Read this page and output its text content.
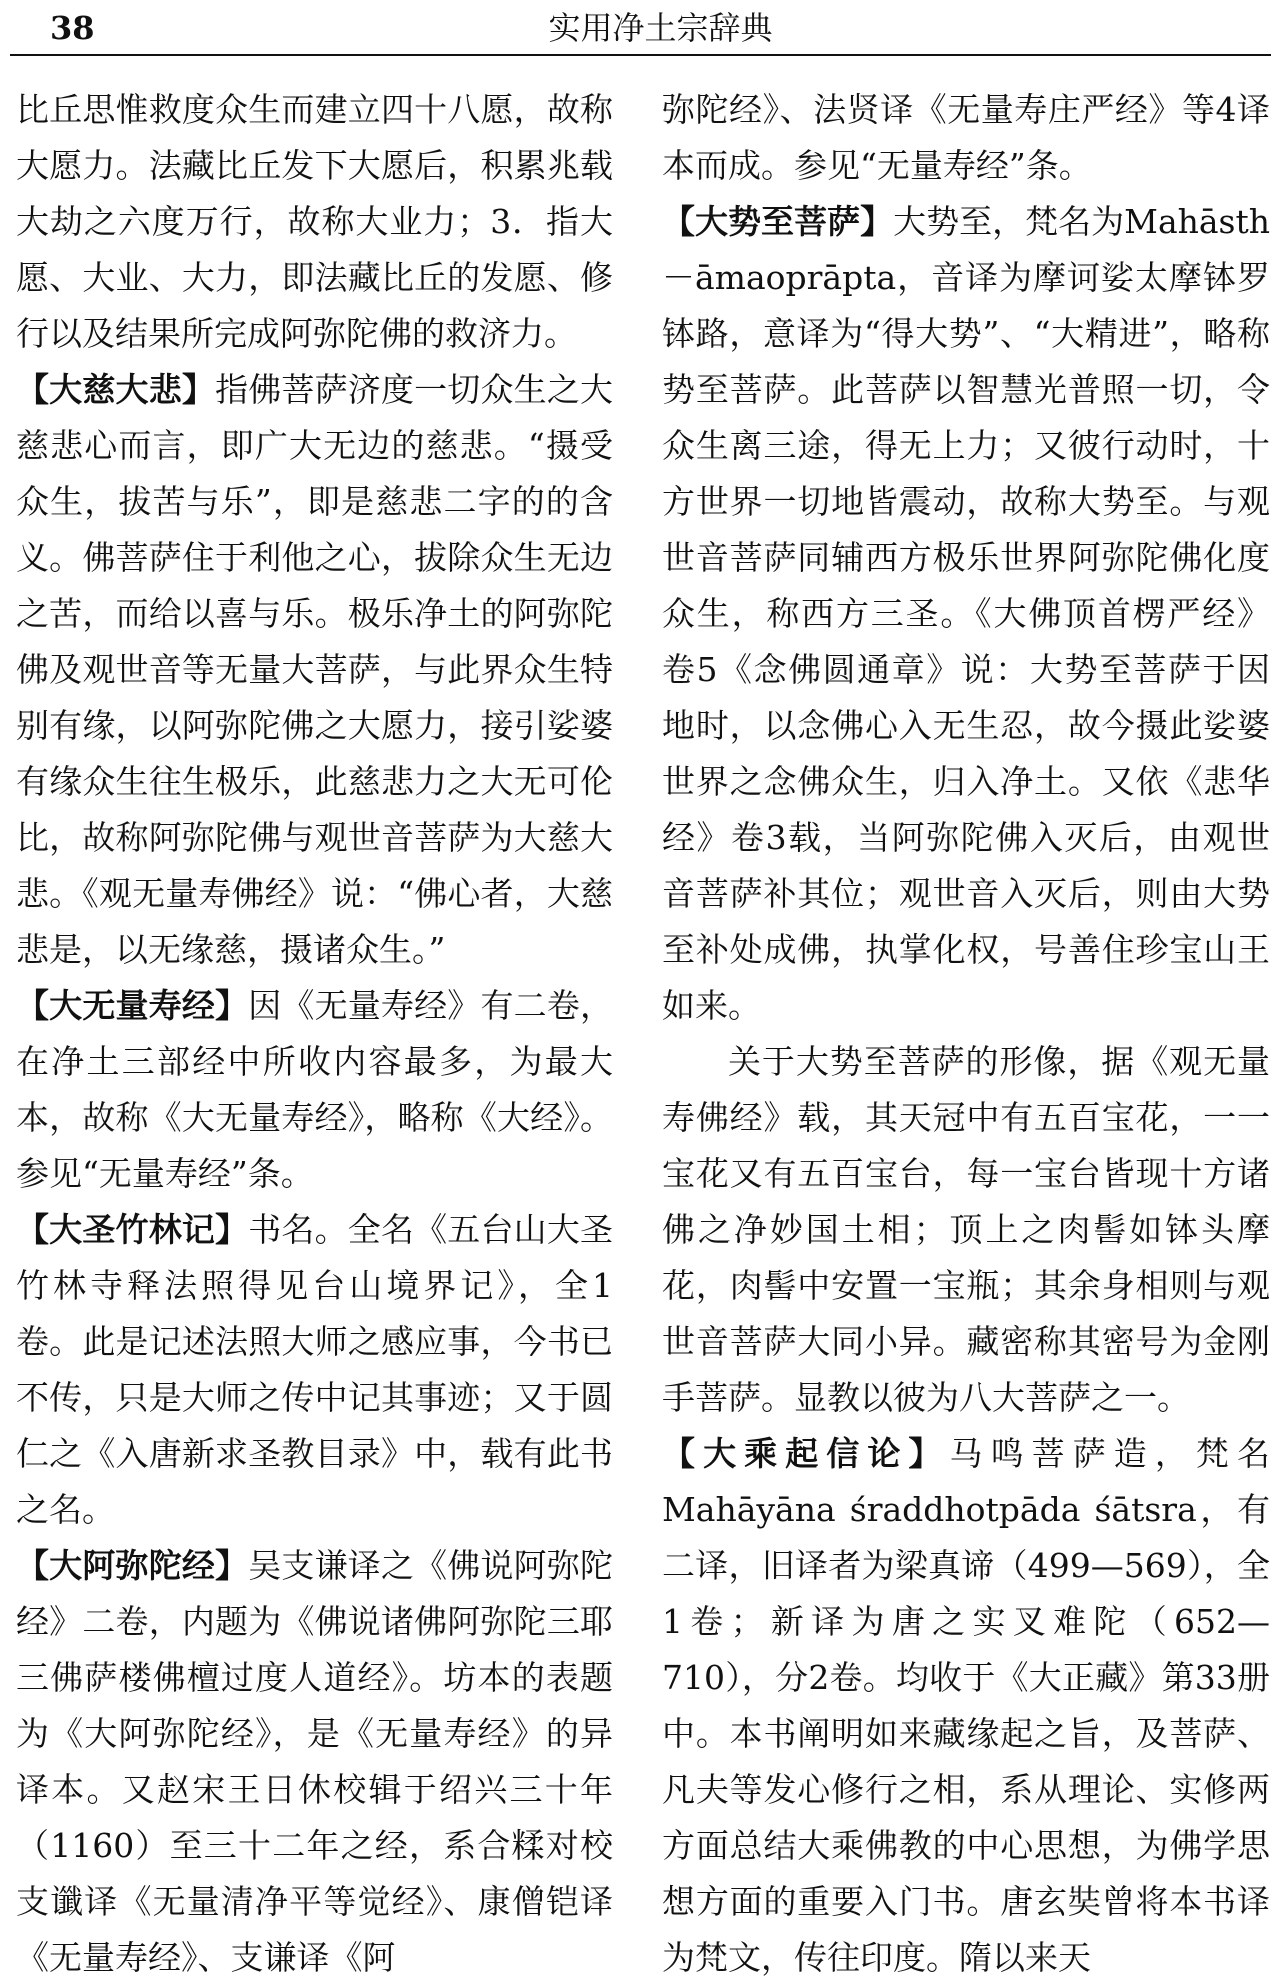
38	实用净土宗辞典

比丘思惟救度众生而建立四十八愿，故称大愿力。法藏比丘发下大愿后，积累兆载大劫之六度万行，故称大业力；3．指大愿、大业、大力，即法藏比丘的发愿、修行以及结果所完成阿弥陀佛的救济力。

【大慈大悲】指佛菩萨济度一切众生之大慈悲心而言，即广大无边的慈悲。“摄受众生，拔苦与乐”，即是慈悲二字的的含义。佛菩萨住于利他之心，拔除众生无边之苦，而给以喜与乐。极乐净土的阿弥陀佛及观世音等无量大菩萨，与此界众生特别有缘，以阿弥陀佛之大愿力，接引娑婆有缘众生往生极乐，此慈悲力之大无可伦比，故称阿弥陀佛与观世音菩萨为大慈大悲。《观无量寿佛经》说：“佛心者，大慈悲是，以无缘慈，摄诸众生。”

【大无量寿经】因《无量寿经》有二卷，在净土三部经中所收内容最多，为最大本，故称《大无量寿经》，略称《大经》。参见“无量寿经”条。

【大圣竹林记】书名。全名《五台山大圣竹林寺释法照得见台山境界记》，全1卷。此是记述法照大师之感应事，今书已不传，只是大师之传中记其事迹；又于圆仁之《入唐新求圣教目录》中，载有此书之名。

【大阿弥陀经】吴支谦译之《佛说阿弥陀经》二卷，内题为《佛说诸佛阿弥陀三耶三佛萨楼佛檀过度人道经》。坊本的表题为《大阿弥陀经》，是《无量寿经》的异译本。又赵宋王日休校辑于绍兴三十年（1160）至三十二年之经，系合糅对校支谶译《无量清净平等觉经》、康僧铠译《无量寿经》、支谦译《阿

弥陀经》、法贤译《无量寿庄严经》等4译本而成。参见“无量寿经”条。

【大势至菩萨】大势至，梵名为Mahāsth－āmaoprāpta，音译为摩诃娑太摩钵罗钵路，意译为“得大势”、“大精进”，略称势至菩萨。此菩萨以智慧光普照一切，令众生离三途，得无上力；又彼行动时，十方世界一切地皆震动，故称大势至。与观世音菩萨同辅西方极乐世界阿弥陀佛化度众生，称西方三圣。《大佛顶首楞严经》卷5《念佛圆通章》说：大势至菩萨于因地时，以念佛心入无生忍，故今摄此娑婆世界之念佛众生，归入净土。又依《悲华经》卷3载，当阿弥陀佛入灭后，由观世音菩萨补其位；观世音入灭后，则由大势至补处成佛，执掌化权，号善住珍宝山王如来。

关于大势至菩萨的形像，据《观无量寿佛经》载，其天冠中有五百宝花，一一宝花又有五百宝台，每一宝台皆现十方诸佛之净妙国土相；顶上之肉髻如钵头摩花，肉髻中安置一宝瓶；其余身相则与观世音菩萨大同小异。藏密称其密号为金刚手菩萨。显教以彼为八大菩萨之一。

【大乘起信论】马鸣菩萨造，梵名Mahāyāna śraddhotpāda śātsra，有二译，旧译者为梁真谛（499—569），全1卷；新译为唐之实叉难陀（652—710），分2卷。均收于《大正藏》第33册中。本书阐明如来藏缘起之旨，及菩萨、凡夫等发心修行之相，系从理论、实修两方面总结大乘佛教的中心思想，为佛学思想方面的重要入门书。唐玄奘曾将本书译为梵文，传往印度。隋以来天
